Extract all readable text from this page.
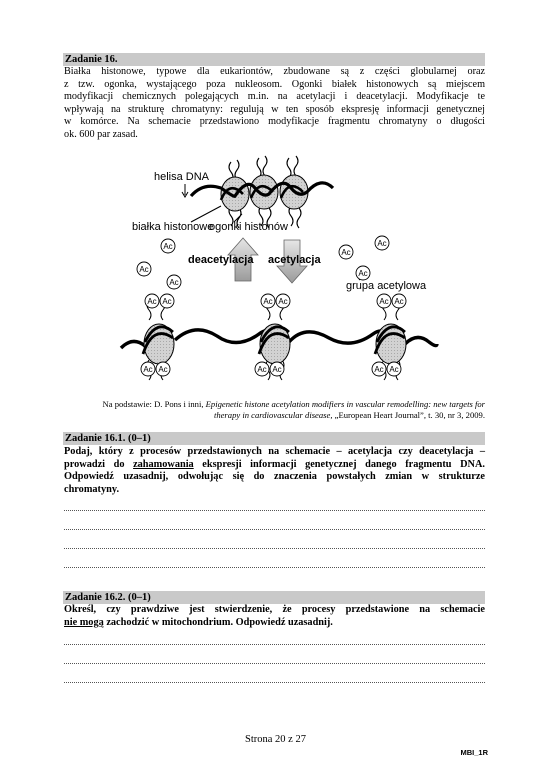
Zadanie 16.
Białka histonowe, typowe dla eukariontów, zbudowane są z części globularnej oraz
z tzw. ogonka, wystającego poza nukleosom. Ogonki białek histonowych są miejscem
modyfikacji chemicznych polegających m.in. na acetylacji i deacetylacji. Modyfikacje te
wpływają na strukturę chromatyny: regulują w ten sposób ekspresję informacji genetycznej
w komórce. Na schemacie przedstawiono modyfikacje fragmentu chromatyny o długości
ok. 600 par zasad.
helisa DNA
białka histonowe
ogonki histonów
deacetylacja acetylacja
grupa acetylowa
Ac
Ac
Ac
Ac
Ac
Ac
Ac Ac
Ac Ac
Ac Ac
Ac Ac
Ac Ac
Ac Ac
Na podstawie: D. Pons i inni, Epigenetic histone acetylation modifiers in vascular remodelling: new targets for
therapy in cardiovascular disease, „European Heart Journal”, t. 30, nr 3, 2009.
Zadanie 16.1. (0–1)
Podaj, który z procesów przedstawionych na schemacie – acetylacja czy deacetylacja –
prowadzi do zahamowania ekspresji informacji genetycznej danego fragmentu DNA.
Odpowiedź uzasadnij, odwołując się do znaczenia powstałych zmian w strukturze
chromatyny.
Zadanie 16.2. (0–1)
Określ, czy prawdziwe jest stwierdzenie, że procesy przedstawione na schemacie
nie mogą zachodzić w mitochondrium. Odpowiedź uzasadnij.
Strona 20 z 27
MBI_1R
